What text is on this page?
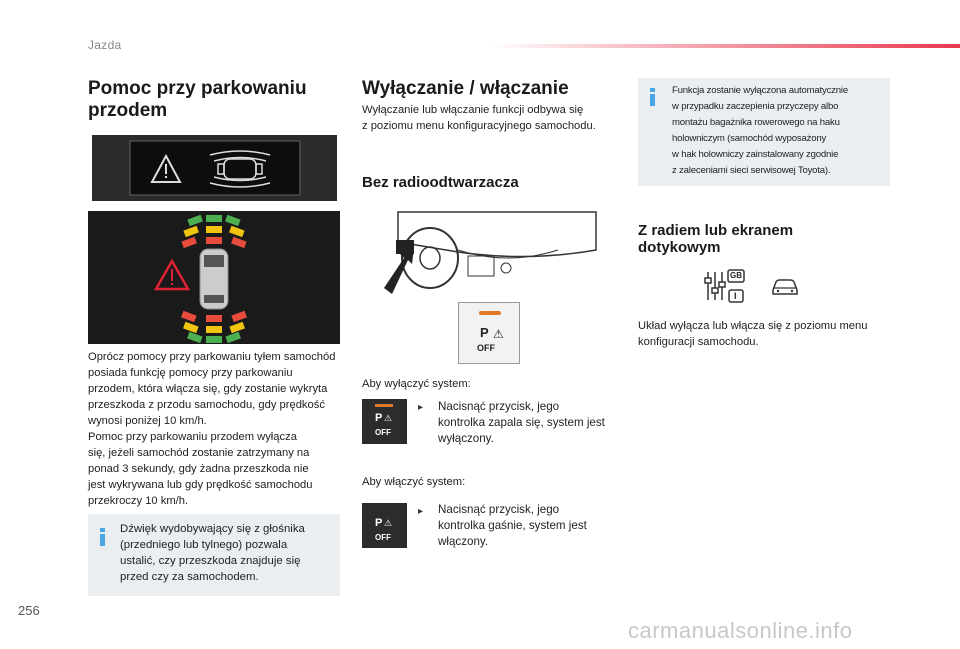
Jazda
Pomoc przy parkowaniu
przodem
Oprócz pomocy przy parkowaniu tyłem samochód
posiada funkcję pomocy przy parkowaniu
przodem, która włącza się, gdy zostanie wykryta
przeszkoda z przodu samochodu, gdy prędkość
wynosi poniżej 10 km/h.
Pomoc przy parkowaniu przodem wyłącza
się, jeżeli samochód zostanie zatrzymany na
ponad 3 sekundy, gdy żadna przeszkoda nie
jest wykrywana lub gdy prędkość samochodu
przekroczy 10 km/h.
Dźwięk wydobywający się z głośnika
(przedniego lub tylnego) pozwala
ustalić, czy przeszkoda znajduje się
przed czy za samochodem.
Wyłączanie / włączanie
Wyłączanie lub włączanie funkcji odbywa się
z poziomu menu konfiguracyjnego samochodu.
Bez radioodtwarzacza
P ⚠
OFF
Aby wyłączyć system:
P ⚠
OFF
▸ Nacisnąć przycisk, jego
kontrolka zapala się, system jest
wyłączony.
Aby włączyć system:
P ⚠
OFF
▸ Nacisnąć przycisk, jego
kontrolka gaśnie, system jest
włączony.
Funkcja zostanie wyłączona automatycznie
w przypadku zaczepienia przyczepy albo
montażu bagażnika rowerowego na haku
holowniczym (samochód wyposażony
w hak holowniczy zainstalowany zgodnie
z zaleceniami sieci serwisowej Toyota).
Z radiem lub ekranem
dotykowym
GB
I
Układ wyłącza lub włącza się z poziomu menu
konfiguracji samochodu.
256
carmanualsonline.info
